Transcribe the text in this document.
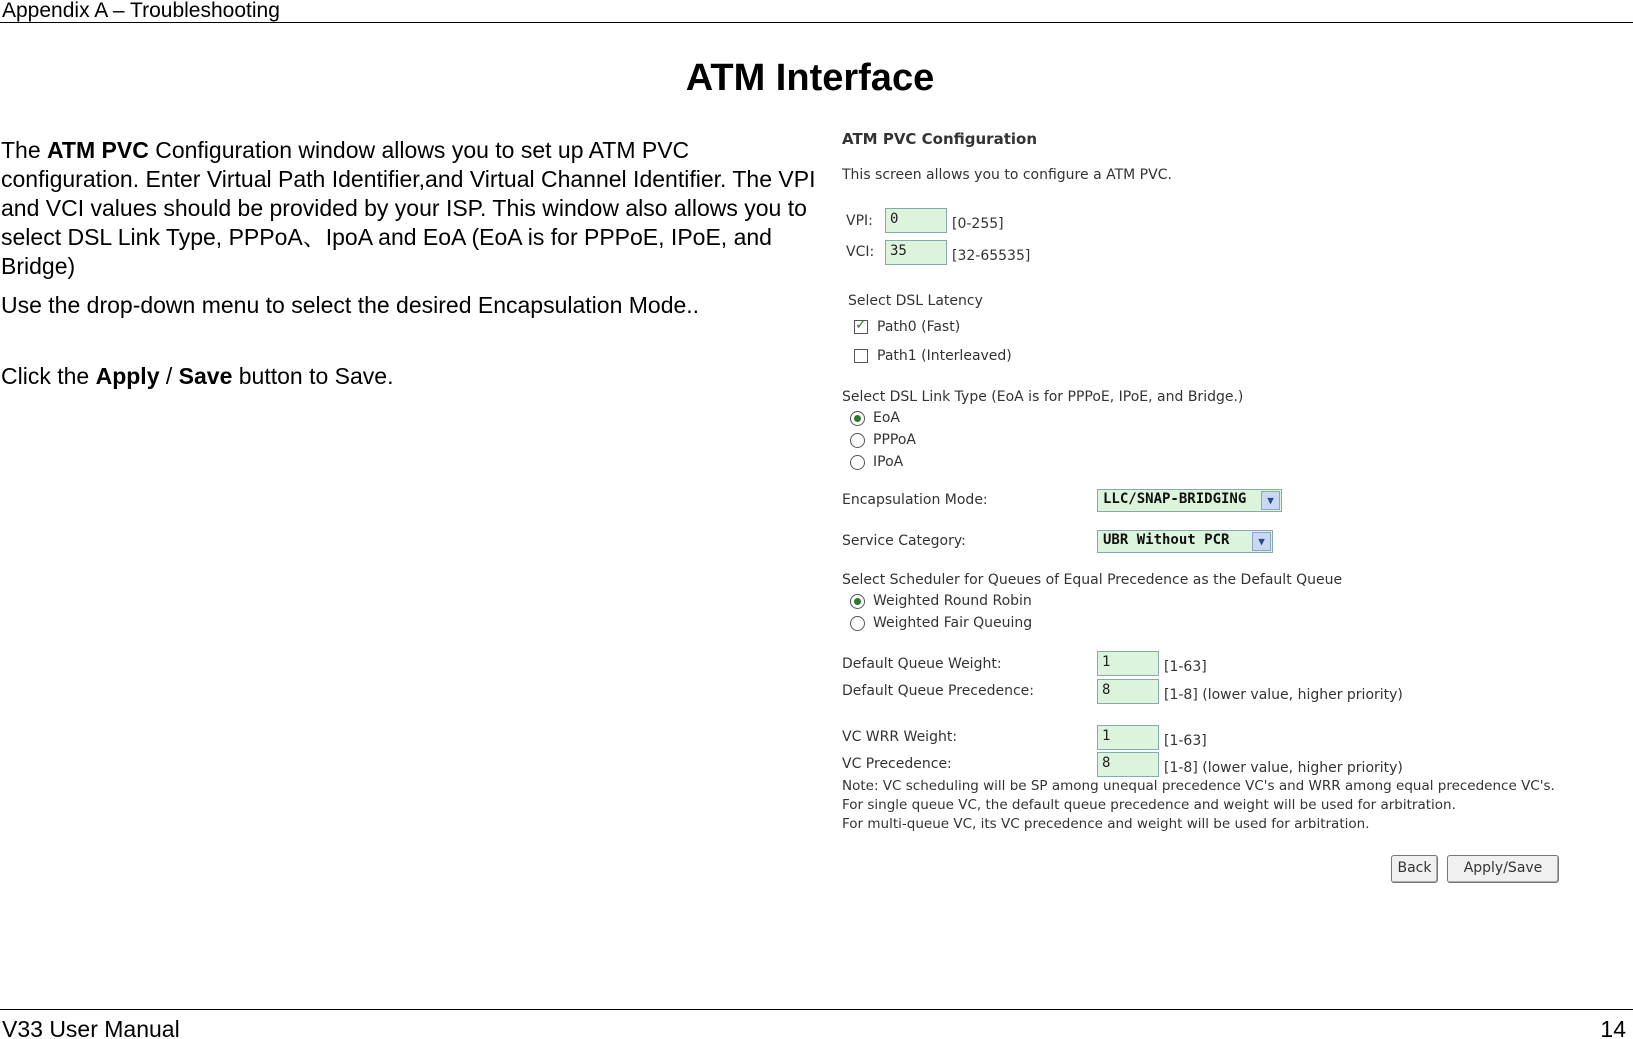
Appendix A – Troubleshooting
ATM Interface

The ATM PVC Configuration window allows you to set up ATM PVC configuration. Enter Virtual Path Identifier,and Virtual Channel Identifier. The VPI and VCI values should be provided by your ISP. This window also allows you to select DSL Link Type, PPPoA、IpoA and EoA (EoA is for PPPoE, IPoE, and Bridge)

Use the drop-down menu to select the desired Encapsulation Mode..

Click the Apply / Save button to Save.

ATM PVC Configuration
This screen allows you to configure a ATM PVC.
VPI:	0	[0-255]
VCI:	35	[32-65535]
Select DSL Latency
✓
Path0 (Fast)
Path1 (Interleaved)
Select DSL Link Type (EoA is for PPPoE, IPoE, and Bridge.)
EoA
PPPoA
IPoA
Encapsulation Mode:	LLC/SNAP-BRIDGING	▼
Service Category:	UBR Without PCR	▼
Select Scheduler for Queues of Equal Precedence as the Default Queue
Weighted Round Robin
Weighted Fair Queuing
Default Queue Weight:	1	[1-63]
Default Queue Precedence:	8	[1-8] (lower value, higher priority)
VC WRR Weight:	1	[1-63]
VC Precedence:	8	[1-8] (lower value, higher priority)
Note: VC scheduling will be SP among unequal precedence VC's and WRR among equal precedence VC's.
For single queue VC, the default queue precedence and weight will be used for arbitration.
For multi-queue VC, its VC precedence and weight will be used for arbitration.
Back	Apply/Save
V33 User Manual	14
